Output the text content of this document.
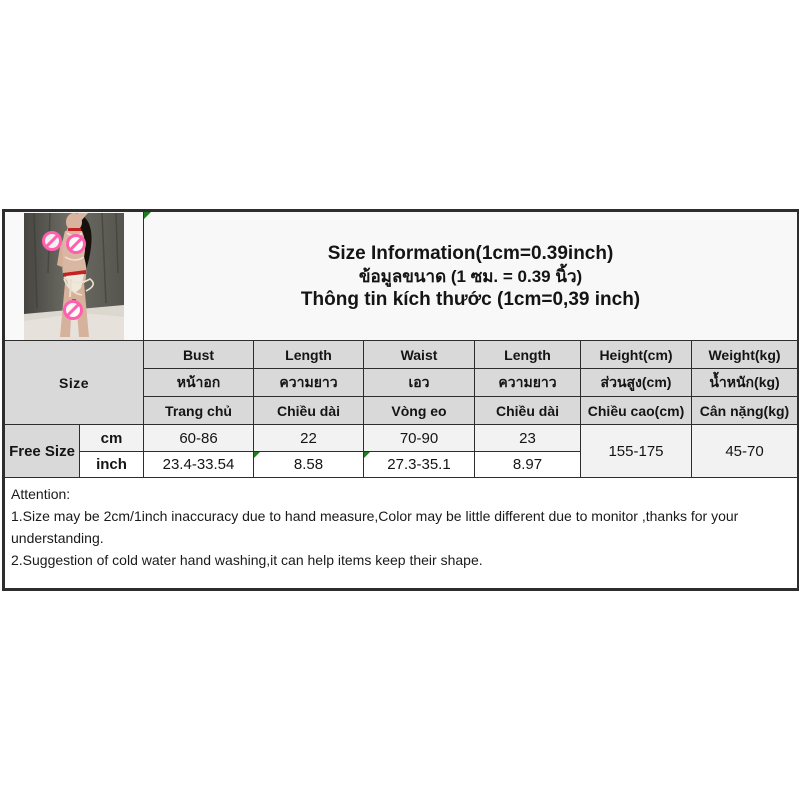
Size Information(1cm=0.39inch)
ข้อมูลขนาด (1 ซม. = 0.39 นิ้ว)
Thông tin kích thước (1cm=0,39 inch)					

Size		Bust	Length	Waist	Length	Height(cm)	Weight(kg)
		หน้าอก	ความยาว	เอว	ความยาว	ส่วนสูง(cm)	น้ำหนัก(kg)
		Trang chủ	Chiều dài	Vòng eo	Chiều dài	Chiều cao(cm)	Cân nặng(kg)
Free Size	cm	60-86	22	70-90	23	155-175	45-70
	inch	23.4-33.54	8.58	27.3-35.1	8.97		

Attention:
1.Size may be 2cm/1inch inaccuracy due to hand measure,Color may be little different due to monitor ,thanks for your understanding.
2.Suggestion of cold water hand washing,it can help items keep their shape.							
